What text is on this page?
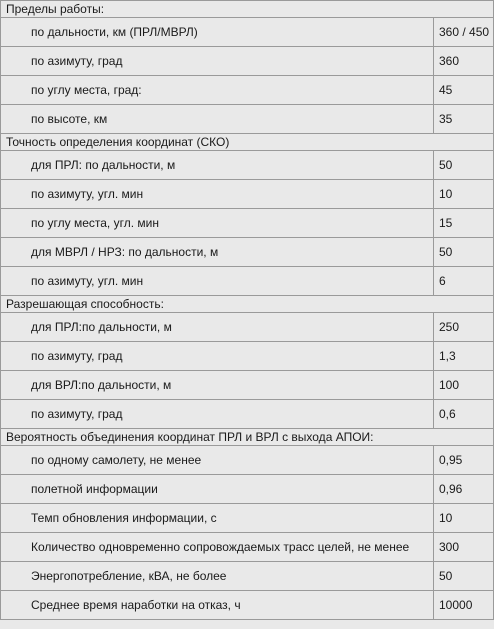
Пределы работы:	
по дальности, км (ПРЛ/МВРЛ)	360 / 450
по азимуту, град	360
по углу места, град:	45
по высоте, км	35
Точность определения координат (СКО)	
для ПРЛ: по дальности, м	50
по азимуту, угл. мин	10
по углу места, угл. мин	15
для МВРЛ / НРЗ: по дальности, м	50
по азимуту, угл. мин	6
Разрешающая способность:	
для ПРЛ:по дальности, м	250
по азимуту, град	1,3
для ВРЛ:по дальности, м	100
по азимуту, град	0,6
Вероятность объединения координат ПРЛ и ВРЛ с выхода АПОИ:	
по одному самолету, не менее	0,95
полетной информации	0,96
Темп обновления информации, с	10
Количество одновременно сопровождаемых трасс целей, не менее	300
Энергопотребление, кВА, не более	50
Среднее время наработки на отказ, ч	10000
